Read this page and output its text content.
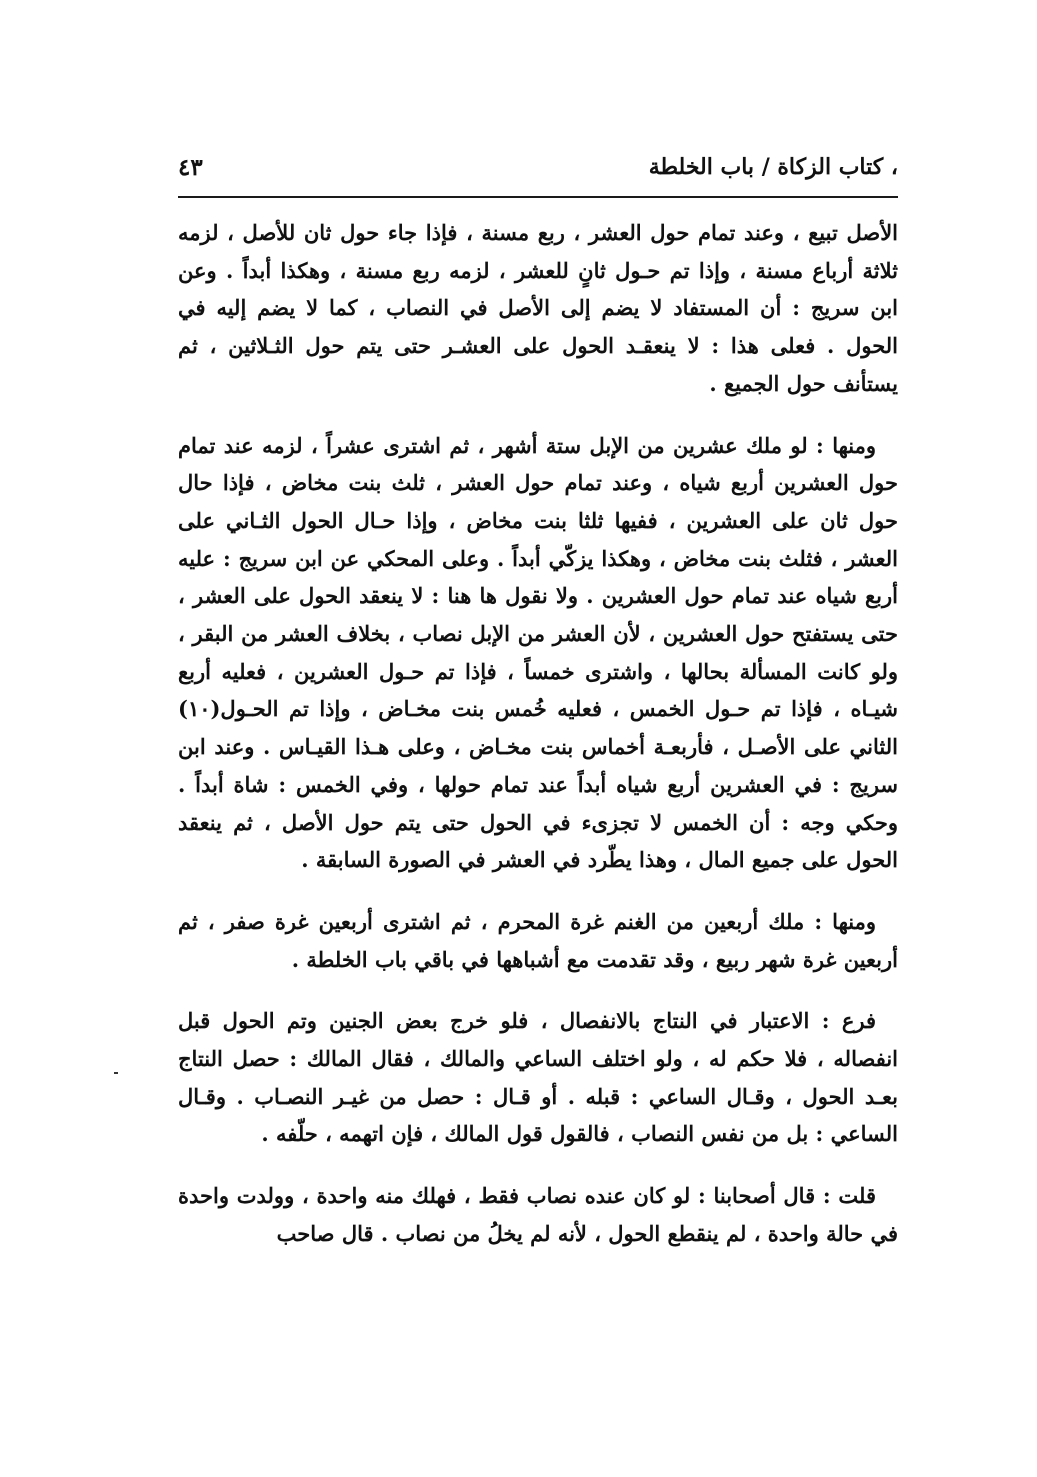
، كتاب الزكاة / باب الخلطة
٤٣

الأصل تبيع ، وعند تمام حول العشر ، ربع مسنة ، فإذا جاء حول ثان للأصل ، لزمه ثلاثة أرباع مسنة ، وإذا تم حـول ثانٍ للعشر ، لزمه ربع مسنة ، وهكذا أبداً . وعن ابن سريج : أن المستفاد لا يضم إلى الأصل في النصاب ، كما لا يضم إليه في الحول . فعلى هذا : لا ينعقـد الحول على العشـر حتى يتم حول الثـلاثين ، ثم يستأنف حول الجميع .

ومنها : لو ملك عشرين من الإبل ستة أشهر ، ثم اشترى عشراً ، لزمه عند تمام حول العشرين أربع شياه ، وعند تمام حول العشر ، ثلث بنت مخاض ، فإذا حال حول ثان على العشرين ، ففيها ثلثا بنت مخاض ، وإذا حـال الحول الثـاني على العشر ، فثلث بنت مخاض ، وهكذا يزكّي أبداً . وعلى المحكي عن ابن سريج : عليه أربع شياه عند تمام حول العشرين . ولا نقول ها هنا : لا ينعقد الحول على العشر ، حتى يستفتح حول العشرين ، لأن العشر من الإبل نصاب ، بخلاف العشر من البقر ، ولو كانت المسألة بحالها ، واشترى خمساً ، فإذا تم حـول العشرين ، فعليه أربع شيـاه ، فإذا تم حـول الخمس ، فعليه خُمس بنت مخـاض ، وإذا تم الحـول(١٠) الثاني على الأصـل ، فأربعـة أخماس بنت مخـاض ، وعلى هـذا القيـاس . وعند ابن سريج : في العشرين أربع شياه أبداً عند تمام حولها ، وفي الخمس : شاة أبداً . وحكي وجه : أن الخمس لا تجزىء في الحول حتى يتم حول الأصل ، ثم ينعقد الحول على جميع المال ، وهذا يطّرد في العشر في الصورة السابقة .

ومنها : ملك أربعين من الغنم غرة المحرم ، ثم اشترى أربعين غرة صفر ، ثم أربعين غرة شهر ربيع ، وقد تقدمت مع أشباهها في باقي باب الخلطة .

فرع : الاعتبار في النتاج بالانفصال ، فلو خرج بعض الجنين وتم الحول قبل انفصاله ، فلا حكم له ، ولو اختلف الساعي والمالك ، فقال المالك : حصل النتاج بعـد الحول ، وقـال الساعي : قبله . أو قـال : حصل من غيـر النصـاب . وقـال الساعي : بل من نفس النصاب ، فالقول قول المالك ، فإن اتهمه ، حلّفه .

قلت : قال أصحابنا : لو كان عنده نصاب فقط ، فهلك منه واحدة ، وولدت واحدة في حالة واحدة ، لم ينقطع الحول ، لأنه لم يخلُ من نصاب . قال صاحب
